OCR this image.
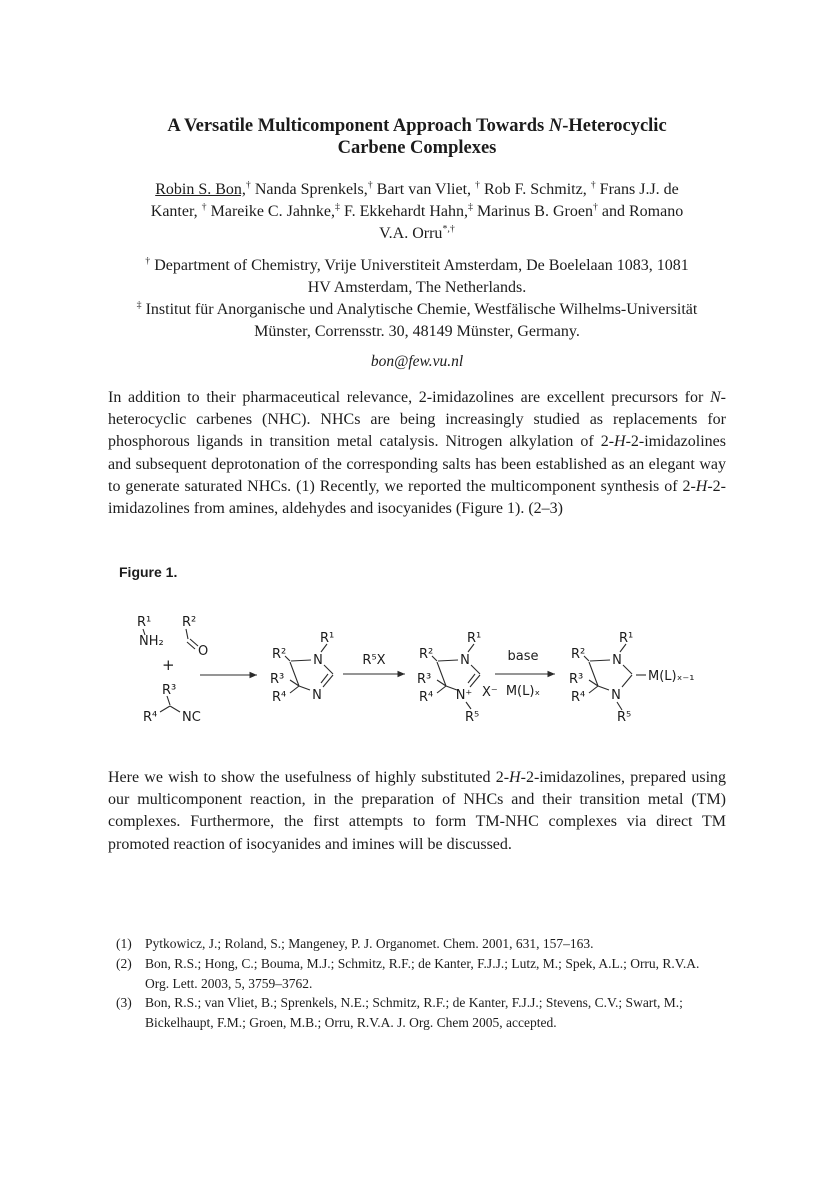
A Versatile Multicomponent Approach Towards N-Heterocyclic
Carbene Complexes
Robin S. Bon,† Nanda Sprenkels,† Bart van Vliet, † Rob F. Schmitz, † Frans J.J. de
Kanter, † Mareike C. Jahnke,‡ F. Ekkehardt Hahn,‡ Marinus B. Groen† and Romano
V.A. Orru*,†
† Department of Chemistry, Vrije Universtiteit Amsterdam, De Boelelaan 1083, 1081
HV Amsterdam, The Netherlands.
‡ Institut für Anorganische und Analytische Chemie, Westfälische Wilhelms-Universität
Münster, Corrensstr. 30, 48149 Münster, Germany.
bon@few.vu.nl
In addition to their pharmaceutical relevance, 2-imidazolines are excellent precursors for N-heterocyclic carbenes (NHC). NHCs are being increasingly studied as replacements for phosphorous ligands in transition metal catalysis. Nitrogen alkylation of 2-H-2-imidazolines and subsequent deprotonation of the corresponding salts has been established as an elegant way to generate saturated NHCs. (1) Recently, we reported the multicomponent synthesis of 2-H-2-imidazolines from amines, aldehydes and isocyanides (Figure 1). (2–3)
Figure 1.
R¹
NH₂
R²
O
+
R³
R⁴ NC
R²
R³
R⁴
N
R¹
N
R⁵X	R²
R³
R⁴
N
R¹
N⁺ X⁻
R⁵
base
M(L)ₓ
R²
R³
R⁴
N
R¹
N
R⁵
M(L)ₓ₋₁
Here we wish to show the usefulness of highly substituted 2-H-2-imidazolines, prepared using our multicomponent reaction, in the preparation of NHCs and their transition metal (TM) complexes. Furthermore, the first attempts to form TM-NHC complexes via direct TM promoted reaction of isocyanides and imines will be discussed.
(1) Pytkowicz, J.; Roland, S.; Mangeney, P. J. Organomet. Chem. 2001, 631, 157–163.
(2) Bon, R.S.; Hong, C.; Bouma, M.J.; Schmitz, R.F.; de Kanter, F.J.J.; Lutz, M.; Spek, A.L.; Orru, R.V.A. Org. Lett. 2003, 5, 3759–3762.
(3) Bon, R.S.; van Vliet, B.; Sprenkels, N.E.; Schmitz, R.F.; de Kanter, F.J.J.; Stevens, C.V.; Swart, M.; Bickelhaupt, F.M.; Groen, M.B.; Orru, R.V.A. J. Org. Chem 2005, accepted.
